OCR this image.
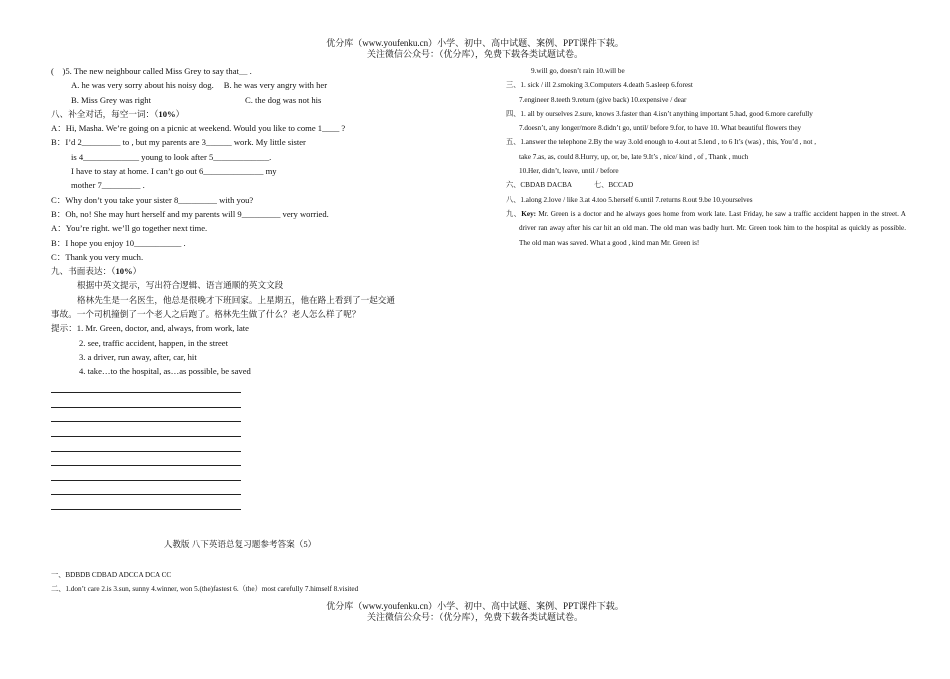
优分库（www.youfenku.cn）小学、初中、高中试题、案例、PPT课件下载。
关注微信公众号：（优分库），免费下载各类试题试卷。
(　)5. The new neighbour called Miss Grey to say that＿ .
A. he was very sorry about his noisy dog. B. he was very angry with her
B. Miss Grey was right	C. the dog was not his
八、补全对话，每空一词：（10%）
A：Hi, Masha. We’re going on a picnic at weekend. Would you like to come 1____ ?
B：I’d 2_________ to , but my parents are 3______ work. My little sister
is 4_____________ young to look after 5_____________.
I have to stay at home. I can’t go out 6______________ my
mother 7_________ .
C：Why don’t you take your sister 8_________ with you?
B：Oh, no! She may hurt herself and my parents will 9_________ very worried.
A：You’re right. we’ll go together next time.
B：I hope you enjoy 10___________ .
C：Thank you very much.
九、书面表达：（10%）
根据中英文提示，写出符合逻辑、语言通顺的英文文段
格林先生是一名医生，他总是很晚才下班回家。上星期五，他在路上看到了一起交通
事故。一个司机撞倒了一个老人之后跑了。格林先生做了什么？老人怎么样了呢？
提示：1. Mr. Green, doctor, and, always, from work, late
2. see, traffic accident, happen, in the street
3. a driver, run away, after, car, hit
4. take…to the hospital, as…as possible, be saved
9.will go, doesn’t rain 10.will be
三、1. sick / ill 2.smoking 3.Computers 4.death 5.asleep 6.forest
7.engineer 8.teeth 9.return (give back) 10.expensive / dear
四、1. all by ourselves 2.sure, knows 3.faster than 4.isn’t anything important 5.had, good 6.more carefully
7.doesn’t, any longer/more 8.didn’t go, until/ before 9.for, to have 10. What beautiful flowers they
五、1.answer the telephone 2.By the way 3.old enough to 4.out at 5.lend , to 6 It’s (was) , this, You’d , not ,
take 7.as, as, could 8.Hurry, up, or, be, late 9.It’s , nice/ kind , of , Thank , much
10.Her, didn’t, leave, until / before
六、CBDAB DACBA	七、BCCAD
八、1.along 2.love / like 3.at 4.too 5.herself 6.until 7.returns 8.out 9.be 10.yourselves
九、Key: Mr. Green is a doctor and he always goes home from work late. Last Friday, he saw a traffic accident happen in the street. A driver ran away after his car hit an old man. The old man was badly hurt. Mr. Green took him to the hospital as quickly as possible. The old man was saved. What a good , kind man Mr. Green is!
人教版 八下英语总复习题参考答案（5）
一、BDBDB CDBAD ADCCA DCA CC
二、1.don’t care 2.is 3.sun, sunny 4.winner, won 5.(the)fastest 6.（the）most carefully 7.himself 8.visited
优分库（www.youfenku.cn）小学、初中、高中试题、案例、PPT课件下载。
关注微信公众号：（优分库），免费下载各类试题试卷。
